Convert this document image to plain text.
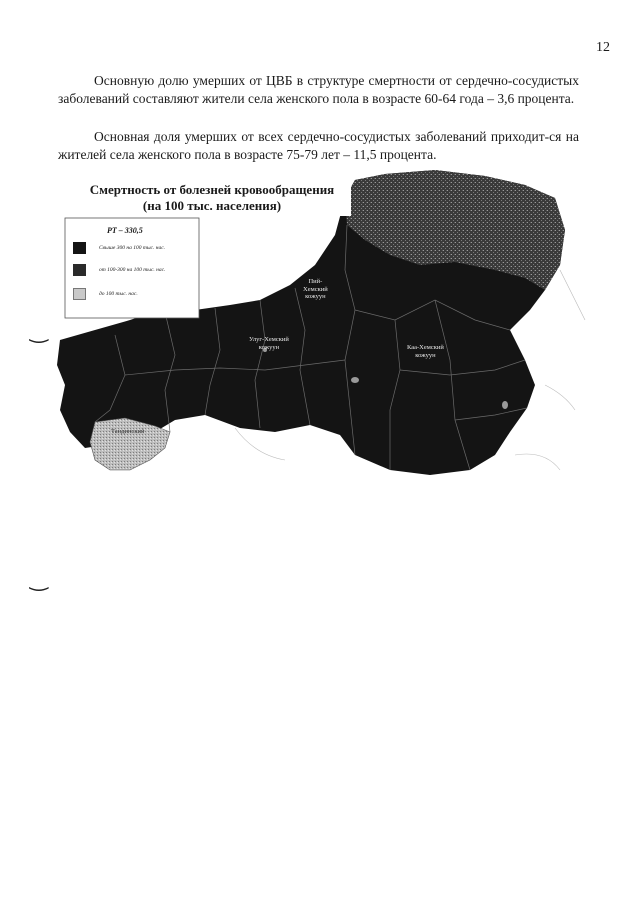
12

Основную долю умерших от ЦВБ в структуре смертности от сердечно-сосудистых заболеваний составляют жители села женского пола в возрасте 60-64 года – 3,6 процента.

Основная доля умерших от всех сердечно-сосудистых заболеваний приходит-ся на жителей села женского пола в возрасте 75-79 лет – 11,5 процента.

Смертность от болезней кровообращения
(на 100 тыс. населения)
РТ – 330,5
Свыше 300 на 100 тыс. нас.
от 100-300 на 100 тыс. нас.
до 100 тыс. нас.
Пий-
Хемский
кожуун
Улуг-Хемский
кожуун	Каа-Хемский
кожуун
Тандинский
‿
‿
